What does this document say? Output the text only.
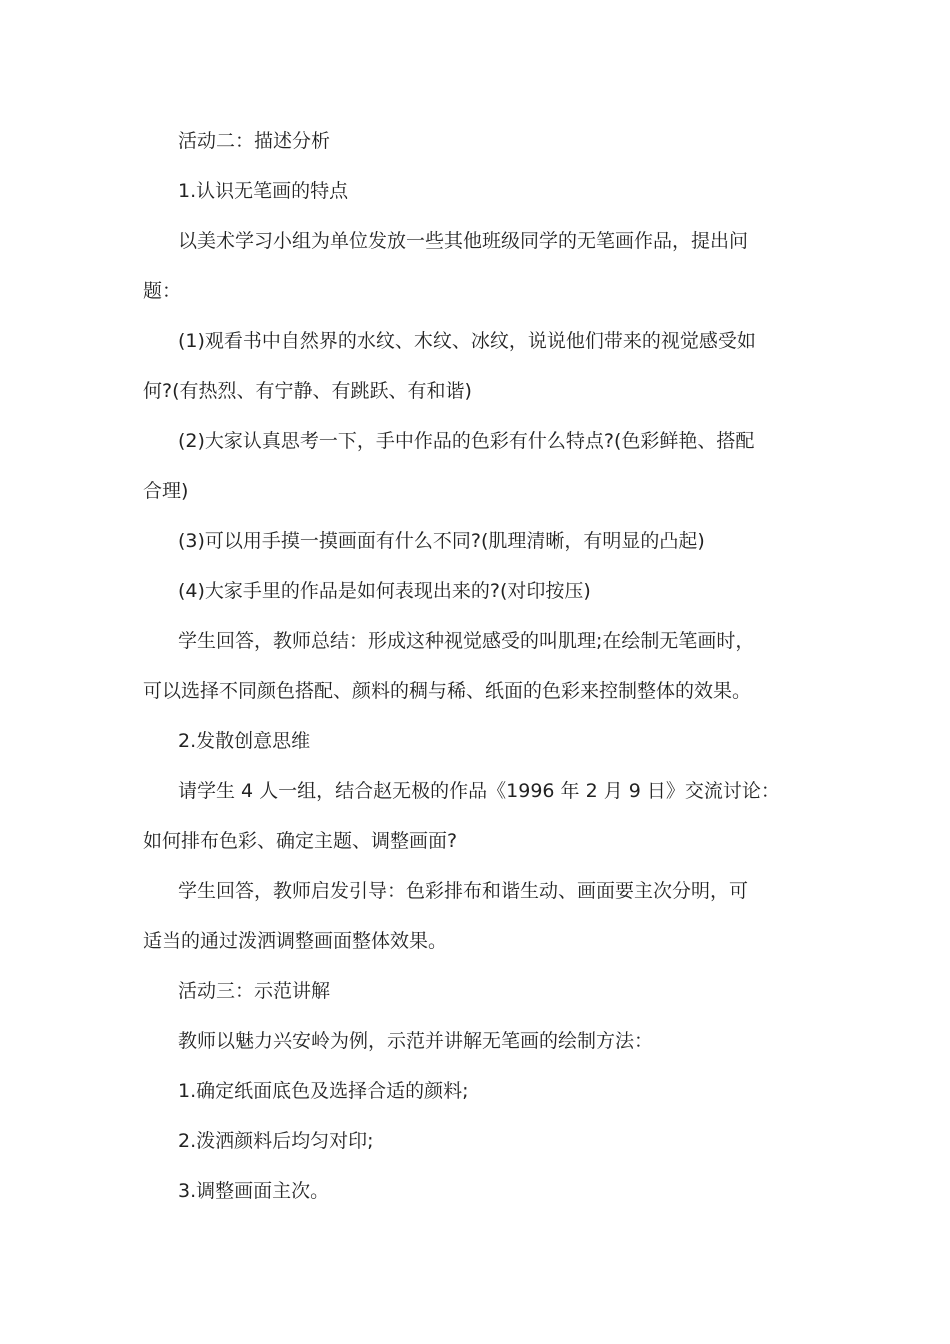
活动二：描述分析
1.认识无笔画的特点
以美术学习小组为单位发放一些其他班级同学的无笔画作品，提出问
题：
(1)观看书中自然界的水纹、木纹、冰纹，说说他们带来的视觉感受如
何?(有热烈、有宁静、有跳跃、有和谐)
(2)大家认真思考一下，手中作品的色彩有什么特点?(色彩鲜艳、搭配
合理)
(3)可以用手摸一摸画面有什么不同?(肌理清晰，有明显的凸起)
(4)大家手里的作品是如何表现出来的?(对印按压)
学生回答，教师总结：形成这种视觉感受的叫肌理;在绘制无笔画时，
可以选择不同颜色搭配、颜料的稠与稀、纸面的色彩来控制整体的效果。
2.发散创意思维
请学生 4 人一组，结合赵无极的作品《1996 年 2 月 9 日》交流讨论：
如何排布色彩、确定主题、调整画面?
学生回答，教师启发引导：色彩排布和谐生动、画面要主次分明，可
适当的通过泼洒调整画面整体效果。
活动三：示范讲解
教师以魅力兴安岭为例，示范并讲解无笔画的绘制方法：
1.确定纸面底色及选择合适的颜料;
2.泼洒颜料后均匀对印;
3.调整画面主次。
